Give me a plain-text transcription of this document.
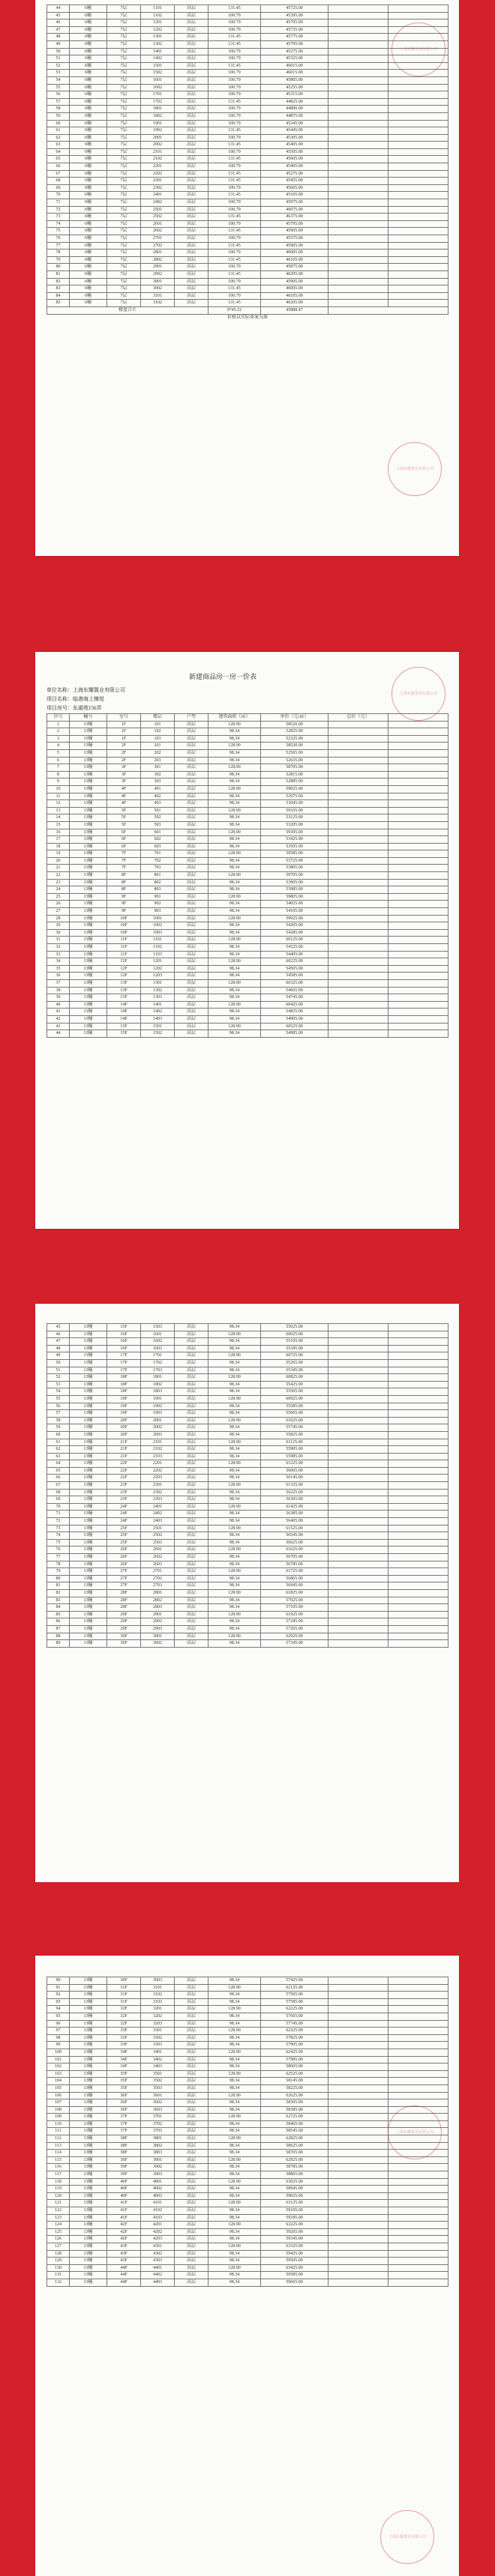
44	6幢	7层	1101	高层	131.45	45725.00		
45	6幢	7层	1102	高层	100.79	45395.00		
46	6幢	7层	1201	高层	100.79	45705.00		
47	6幢	7层	1202	高层	100.79	45735.00		
48	6幢	7层	1301	高层	131.45	45775.00		
49	6幢	7层	1302	高层	131.45	45795.00		
50	6幢	7层	1401	高层	100.79	45275.00		
51	6幢	7层	1402	高层	100.79	45325.00		
52	6幢	7层	1501	高层	131.45	46015.00		
53	6幢	7层	1502	高层	100.79	46015.00		
54	6幢	7层	1601	高层	100.79	45805.00		
55	6幢	7层	1602	高层	100.79	45255.00		
56	6幢	7层	1701	高层	100.79	45315.00		
57	6幢	7层	1702	高层	131.45	44825.00		
58	6幢	7层	1801	高层	100.79	44890.00		
59	6幢	7层	1802	高层	100.79	44875.00		
60	6幢	7层	1901	高层	100.79	45245.00		
61	6幢	7层	1902	高层	131.45	45445.00		
62	6幢	7层	2001	高层	100.79	45305.00		
63	6幢	7层	2002	高层	131.45	45405.00		
64	6幢	7层	2101	高层	100.79	45505.00		
65	6幢	7层	2102	高层	131.45	45605.00		
66	6幢	7层	2201	高层	100.79	45405.00		
67	6幢	7层	2202	高层	131.45	45275.00		
68	6幢	7层	2301	高层	131.45	45455.00		
69	6幢	7层	2302	高层	100.79	45605.00		
70	6幢	7层	2401	高层	131.45	45105.00		
71	6幢	7层	2402	高层	100.79	45975.00		
72	6幢	7层	2501	高层	100.79	46075.00		
73	6幢	7层	2502	高层	131.45	46375.00		
74	6幢	7层	2601	高层	100.79	45795.00		
75	6幢	7层	2602	高层	131.45	45905.00		
76	6幢	7层	2701	高层	100.79	45575.00		
77	6幢	7层	2702	高层	131.45	45905.00		
78	6幢	7层	2801	高层	100.79	46005.00		
79	6幢	7层	2802	高层	131.45	46105.00		
80	6幢	7层	2901	高层	100.79	45875.00		
81	6幢	7层	2902	高层	131.45	46205.00		
82	6幢	7层	3001	高层	100.79	45905.00		
83	6幢	7层	3002	高层	131.45	46005.00		
84	6幢	7层	3101	高层	100.79	46105.00		
85	6幢	7层	3102	高层	131.45	46205.00		
楼盘合计					9745.52	45888.47		
价格以实际备案为准								
上海东耀置业有限公司
上海东耀置业有限公司
新建商品房一房一价表
单位名称：上海东耀置业有限公司
项目名称：临港海上臻悦
项目房号：东湖苑156弄
序号	幢号	室号	楼层	户型	建筑面积（㎡）	单价（元/㎡）	总价（元）	
1	13幢	1F	101	高层	128.90	58520.00		
2	13幢	1F	102	高层	98.34	52825.00		
3	13幢	1F	103	高层	98.34	52325.00		
4	13幢	2F	201	高层	128.90	58520.00		
5	13幢	2F	202	高层	98.34	52565.00		
6	13幢	2F	203	高层	98.34	52635.00		
7	13幢	3F	301	高层	128.90	58705.00		
8	13幢	3F	302	高层	98.34	52815.00		
9	13幢	3F	303	高层	98.34	52885.00		
10	13幢	4F	401	高层	128.90	59025.00		
11	13幢	4F	402	高层	98.34	52975.00		
12	13幢	4F	403	高层	98.34	53045.00		
13	13幢	5F	501	高层	128.90	59105.00		
14	13幢	5F	502	高层	98.34	53125.00		
15	13幢	5F	503	高层	98.34	53205.00		
16	13幢	6F	601	高层	128.90	59305.00		
17	13幢	6F	602	高层	98.34	53425.00		
18	13幢	6F	603	高层	98.34	53505.00		
19	13幢	7F	701	高层	128.90	59585.00		
20	13幢	7F	702	高层	98.34	53725.00		
21	13幢	7F	703	高层	98.34	53805.00		
22	13幢	8F	801	高层	128.90	59705.00		
23	13幢	8F	802	高层	98.34	53905.00		
24	13幢	8F	803	高层	98.34	53985.00		
25	13幢	9F	901	高层	128.90	59805.00		
26	13幢	9F	902	高层	98.34	54025.00		
27	13幢	9F	903	高层	98.34	54105.00		
28	13幢	10F	1001	高层	128.90	59925.00		
29	13幢	10F	1002	高层	98.34	54205.00		
30	13幢	10F	1003	高层	98.34	54285.00		
31	13幢	11F	1101	高层	128.90	60125.00		
32	13幢	11F	1102	高层	98.34	54325.00		
33	13幢	11F	1103	高层	98.34	54405.00		
34	13幢	12F	1201	高层	128.90	60225.00		
35	13幢	12F	1202	高层	98.34	54505.00		
36	13幢	12F	1203	高层	98.34	54585.00		
37	13幢	13F	1301	高层	128.90	60325.00		
38	13幢	13F	1302	高层	98.34	54665.00		
39	13幢	13F	1303	高层	98.34	54745.00		
40	13幢	14F	1401	高层	128.90	60425.00		
41	13幢	14F	1402	高层	98.34	54825.00		
42	13幢	14F	1403	高层	98.34	54905.00		
43	13幢	15F	1501	高层	128.90	60525.00		
44	13幢	15F	1502	高层	98.34	54985.00		
上海东耀置业有限公司
45	13幢	15F	1503	高层	98.34	55025.00		
46	13幢	16F	1601	高层	128.90	60625.00		
47	13幢	16F	1602	高层	98.34	55105.00		
48	13幢	16F	1603	高层	98.34	55185.00		
49	13幢	17F	1701	高层	128.90	60725.00		
50	13幢	17F	1702	高层	98.34	55265.00		
51	13幢	17F	1703	高层	98.34	55345.00		
52	13幢	18F	1801	高层	128.90	60825.00		
53	13幢	18F	1802	高层	98.34	55425.00		
54	13幢	18F	1803	高层	98.34	55505.00		
55	13幢	19F	1901	高层	128.90	60925.00		
56	13幢	19F	1902	高层	98.34	55585.00		
57	13幢	19F	1903	高层	98.34	55665.00		
58	13幢	20F	2001	高层	128.90	61025.00		
59	13幢	20F	2002	高层	98.34	55745.00		
60	13幢	20F	2003	高层	98.34	55825.00		
61	13幢	21F	2101	高层	128.90	61125.00		
62	13幢	21F	2102	高层	98.34	55905.00		
63	13幢	21F	2103	高层	98.34	55985.00		
64	13幢	22F	2201	高层	128.90	61225.00		
65	13幢	22F	2202	高层	98.34	56065.00		
66	13幢	22F	2203	高层	98.34	56145.00		
67	13幢	23F	2301	高层	128.90	61325.00		
68	13幢	23F	2302	高层	98.34	56225.00		
69	13幢	23F	2303	高层	98.34	56305.00		
70	13幢	24F	2401	高层	128.90	61425.00		
71	13幢	24F	2402	高层	98.34	56385.00		
72	13幢	24F	2403	高层	98.34	56465.00		
73	13幢	25F	2501	高层	128.90	61525.00		
74	13幢	25F	2502	高层	98.34	56545.00		
75	13幢	25F	2503	高层	98.34	56625.00		
76	13幢	26F	2601	高层	128.90	61625.00		
77	13幢	26F	2602	高层	98.34	56705.00		
78	13幢	26F	2603	高层	98.34	56785.00		
79	13幢	27F	2701	高层	128.90	61725.00		
80	13幢	27F	2702	高层	98.34	56865.00		
81	13幢	27F	2703	高层	98.34	56945.00		
82	13幢	28F	2801	高层	128.90	61825.00		
83	13幢	28F	2802	高层	98.34	57025.00		
84	13幢	28F	2803	高层	98.34	57105.00		
85	13幢	29F	2901	高层	128.90	61925.00		
86	13幢	29F	2902	高层	98.34	57185.00		
87	13幢	29F	2903	高层	98.34	57265.00		
88	13幢	30F	3001	高层	128.90	62025.00		
89	13幢	30F	3002	高层	98.34	57345.00		
90	13幢	30F	3003	高层	98.34	57425.00		
91	13幢	31F	3101	高层	128.90	62125.00		
92	13幢	31F	3102	高层	98.34	57505.00		
93	13幢	31F	3103	高层	98.34	57585.00		
94	13幢	32F	3201	高层	128.90	62225.00		
95	13幢	32F	3202	高层	98.34	57665.00		
96	13幢	32F	3203	高层	98.34	57745.00		
97	13幢	33F	3301	高层	128.90	62325.00		
98	13幢	33F	3302	高层	98.34	57825.00		
99	13幢	33F	3303	高层	98.34	57905.00		
100	13幢	34F	3401	高层	128.90	62425.00		
101	13幢	34F	3402	高层	98.34	57985.00		
102	13幢	34F	3403	高层	98.34	58065.00		
103	13幢	35F	3501	高层	128.90	62525.00		
104	13幢	35F	3502	高层	98.34	58145.00		
105	13幢	35F	3503	高层	98.34	58225.00		
106	13幢	36F	3601	高层	128.90	62625.00		
107	13幢	36F	3602	高层	98.34	58305.00		
108	13幢	36F	3603	高层	98.34	58385.00		
109	13幢	37F	3701	高层	128.90	62725.00		
110	13幢	37F	3702	高层	98.34	58465.00		
111	13幢	37F	3703	高层	98.34	58545.00		
112	13幢	38F	3801	高层	128.90	62825.00		
113	13幢	38F	3802	高层	98.34	58625.00		
114	13幢	38F	3803	高层	98.34	58705.00		
115	13幢	39F	3901	高层	128.90	62925.00		
116	13幢	39F	3902	高层	98.34	58785.00		
117	13幢	39F	3903	高层	98.34	58865.00		
118	13幢	40F	4001	高层	128.90	63025.00		
119	13幢	40F	4002	高层	98.34	58945.00		
120	13幢	40F	4003	高层	98.34	59025.00		
121	13幢	41F	4101	高层	128.90	63125.00		
122	13幢	41F	4102	高层	98.34	59105.00		
123	13幢	41F	4103	高层	98.34	59185.00		
124	13幢	42F	4201	高层	128.90	63225.00		
125	13幢	42F	4202	高层	98.34	59265.00		
126	13幢	42F	4203	高层	98.34	59345.00		
127	13幢	43F	4301	高层	128.90	63325.00		
128	13幢	43F	4302	高层	98.34	59425.00		
129	13幢	43F	4303	高层	98.34	59505.00		
130	13幢	44F	4401	高层	128.90	63425.00		
131	13幢	44F	4402	高层	98.34	59585.00		
132	13幢	44F	4403	高层	98.34	59665.00		
上海东耀置业有限公司
上海东耀置业有限公司
